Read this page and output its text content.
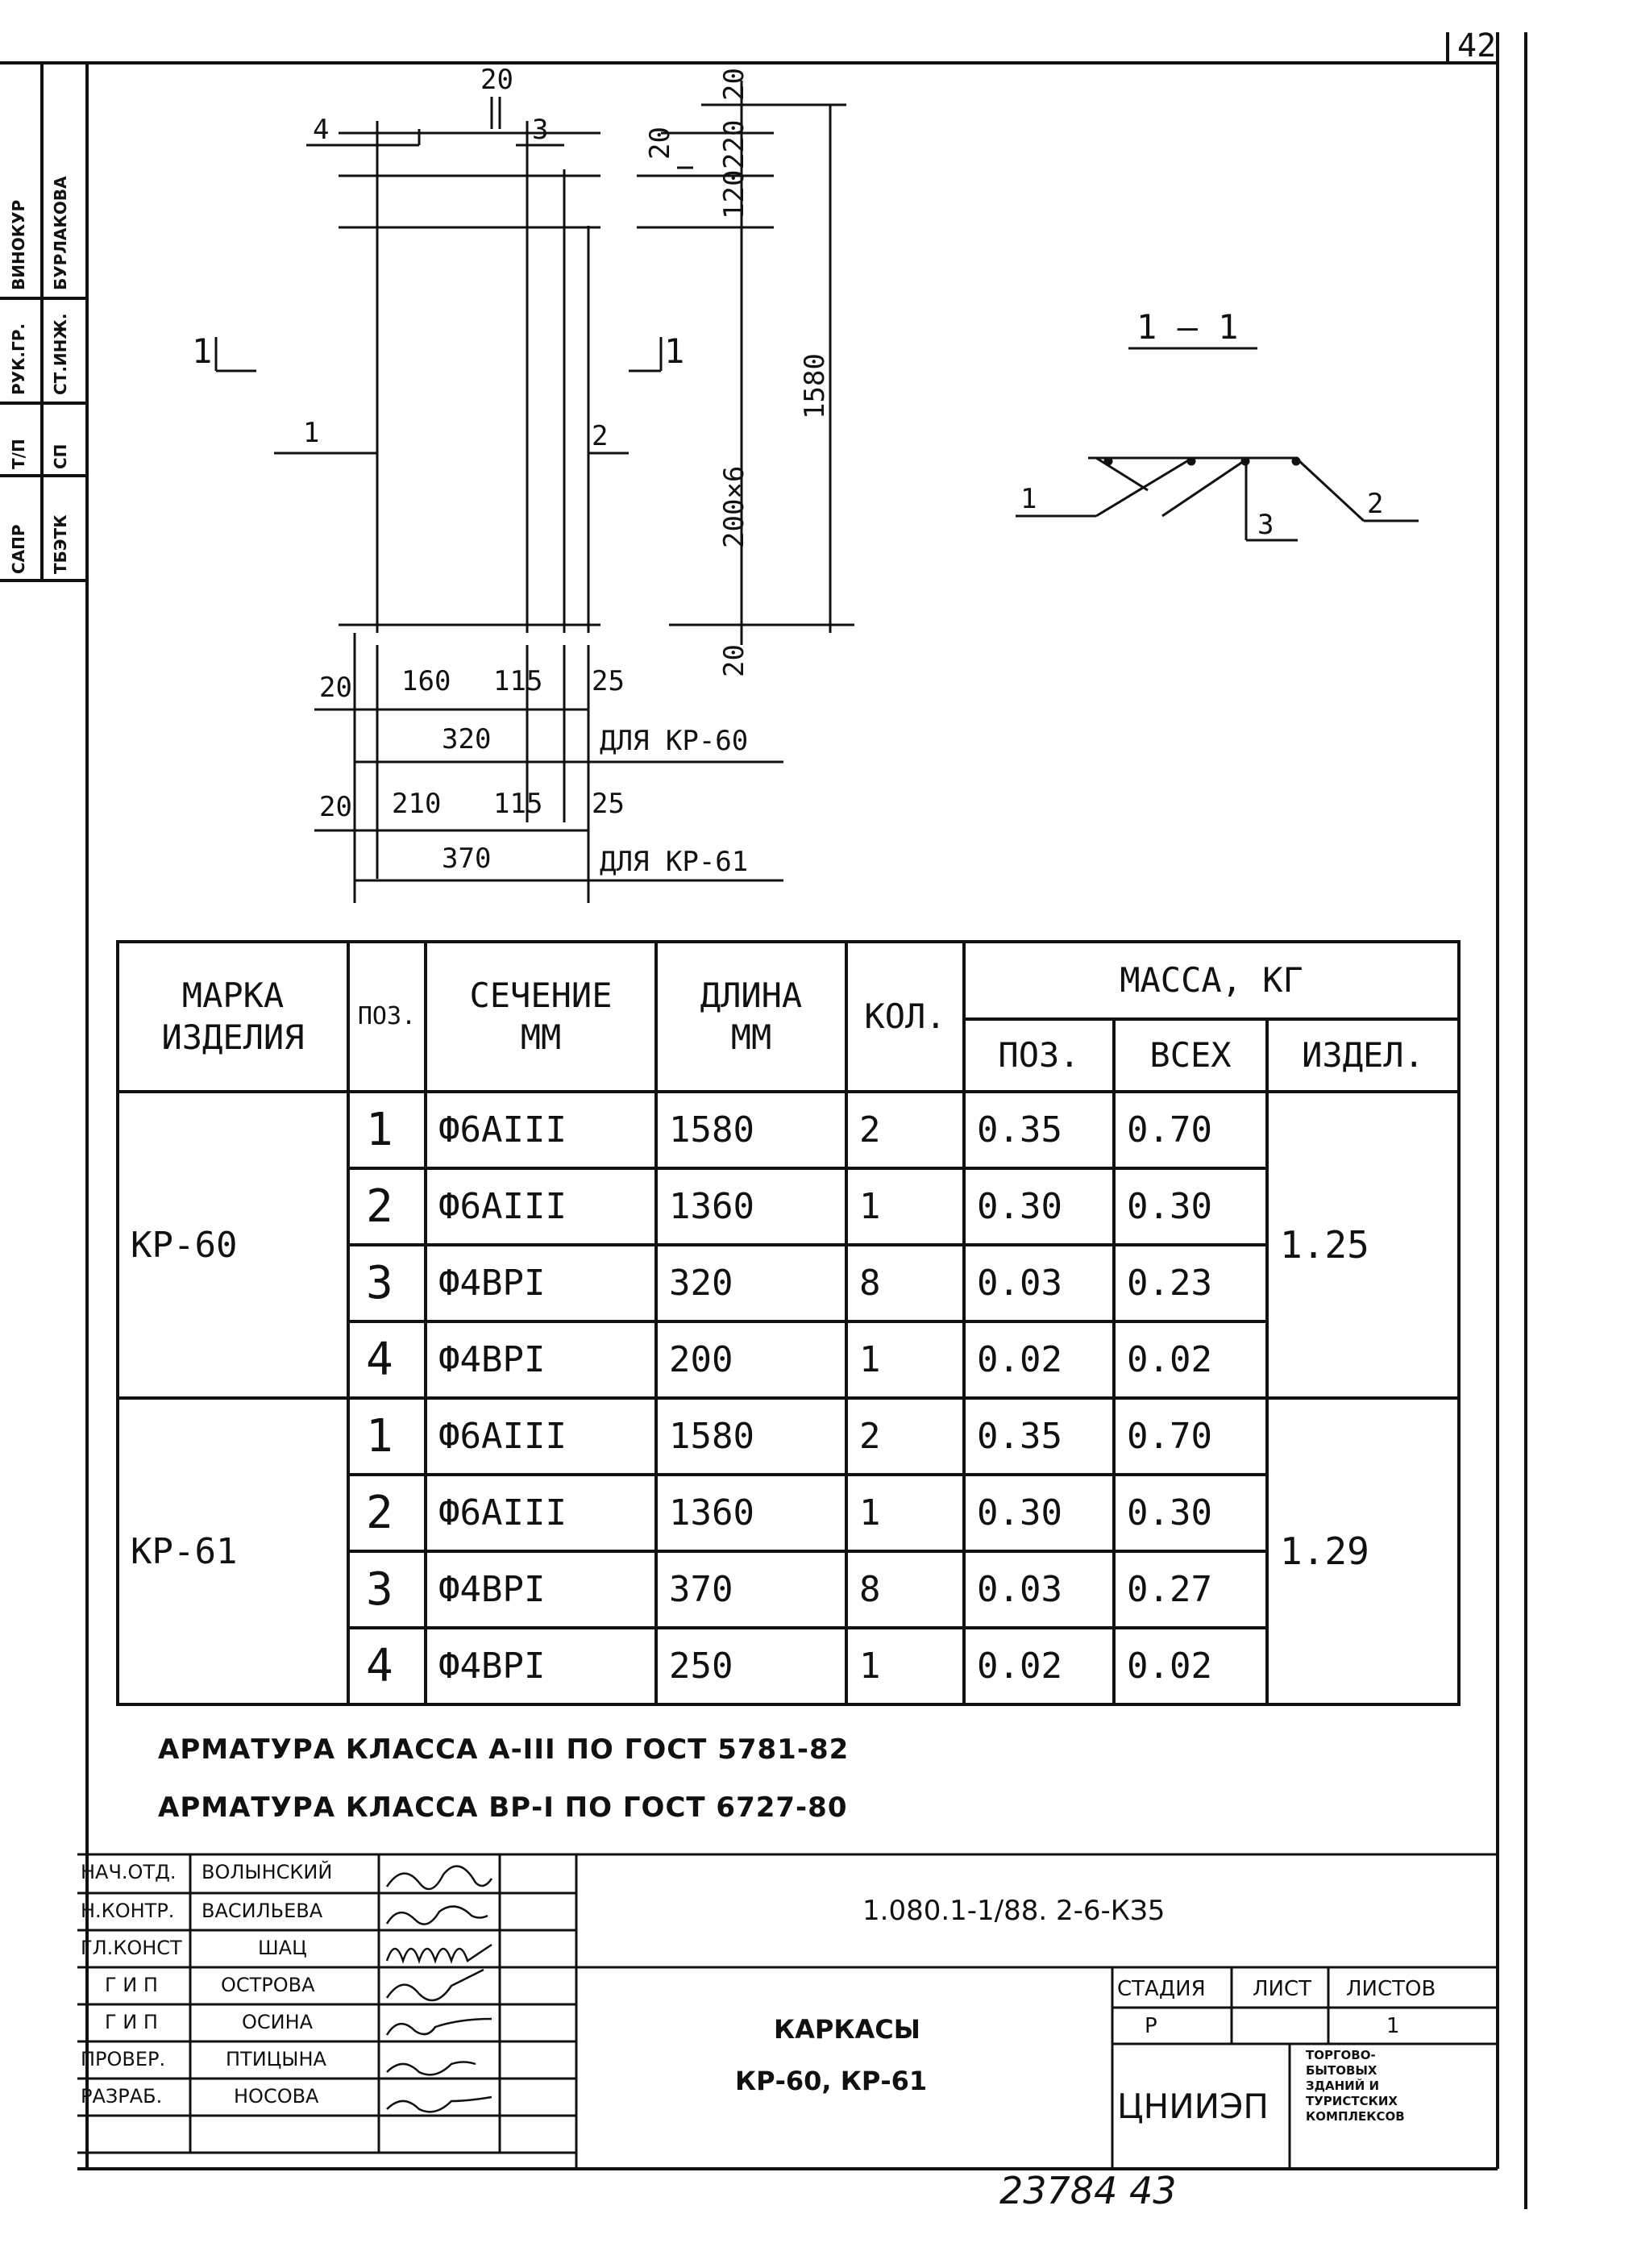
42
САПР
Т/П
РУК.ГР.
ВИНОКУР
ТБЭТК
СП
СТ.ИНЖ.
БУРЛАКОВА
20
4	3
1	1
1	2
20 160 115 25
320	ДЛЯ КР-60
20 210 115 25
370	ДЛЯ КР-61
20
20 220
120
200×6
1580
20
1 — 1
1	2
3
МАРКА ИЗДЕЛИЯ	ПОЗ.	СЕЧЕНИЕ ММ	ДЛИНА ММ	КОЛ.	МАССА, КГ		
					ПОЗ.	ВСЕХ	ИЗДЕЛ.
КР-60	1	Ф6АIII	1580	2	0.35	0.70	1.25
	2	Ф6АIII	1360	1	0.30	0.30	
	3	Ф4ВРI	320	8	0.03	0.23	
	4	Ф4ВРI	200	1	0.02	0.02	
КР-61	1	Ф6АIII	1580	2	0.35	0.70	1.29
	2	Ф6АIII	1360	1	0.30	0.30	
	3	Ф4ВРI	370	8	0.03	0.27	
	4	Ф4ВРI	250	1	0.02	0.02	
АРМАТУРА КЛАССА А-III ПО ГОСТ 5781-82
АРМАТУРА КЛАССА ВР-I ПО ГОСТ 6727-80
НАЧ.ОТД. ВОЛЫНСКИЙ
Н.КОНТР. ВАСИЛЬЕВА
ГЛ.КОНСТ	ШАЦ
Г И П	ОСТРОВА
Г И П	ОСИНА
ПРОВЕР.	ПТИЦЫНА
РАЗРАБ.	НОСОВА
1.080.1-1/88. 2-6-КЗ5
КАРКАСЫ
КР-60, КР-61
СТАДИЯ ЛИСТ ЛИСТОВ
Р	1
ЦНИИЭП
ТОРГОВО-
БЫТОВЫХ
ЗДАНИЙ И
ТУРИСТСКИХ
КОМПЛЕКСОВ
23784 43
